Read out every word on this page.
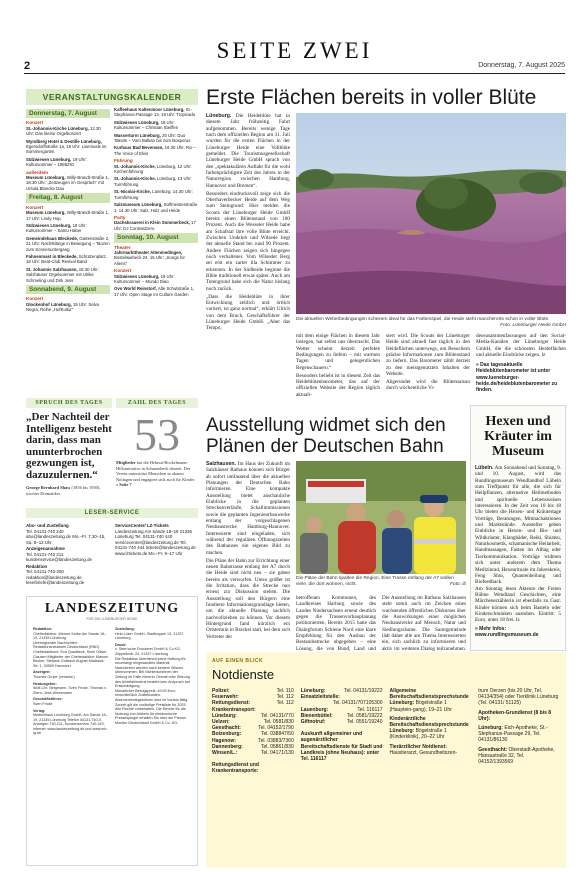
SEITE ZWEI
2	Donnerstag, 7. August 2025
VERANSTALTUNGSKALENDER
Donnerstag, 7. August
Konzert
St.-Johannis-Kirche Lüneburg, 12.30 Uhr: Das kleine Orgelkonzert
Wyndberg Hotel & Destille Lüneburg, Egersdorffstraße 1a, 18 Uhr: Livemusik im Sommergarten
Sülzwiesen Lüneburg, 19 Uhr: Kultursommer – 1986ZIG
außerdem
Museum Lüneburg, Willy-Brandt-Straße 1, 18.30 Uhr: „Zeitzeugen im Gespräch“ mit Ursula Blancke Dau
Freitag, 8. August
Konzert
Museum Lüneburg, Willy-Brandt-Straße 1, 17 Uhr: Lindy Hop
Sülzwiesen Lüneburg, 19 Uhr: Kultursommer – Samu Haber
Gemeindehaus Bleckede, Gartenstraße 2, 21 Uhr: Nachtklänge in Bewegung – Tanzen zum Sonnenuntergang
Fahnenmast in Bleckede, Schützenplatz, 18 Uhr: Beat-Club Revival Band
St. Johannis Salzhausen, 18.30 Uhr: Salzhäuser Orgelsommer mit Ulrike Schmeling und Dirk Jess
Sonnabend, 9. August
Konzert
Glockenhof Lüneburg, 15 Uhr: Selva Negra, Reihe „HofKultur“
Kaffeehaus Kaltenmoor Lüneburg, St.-Stephanus-Passage 13, 19 Uhr: Tropicado
Sülzwiesen Lüneburg, 19 Uhr: Kultursommer – Christian Steiffen
Wasserturm Lüneburg, 20 Uhr: Duo Taksim – Vom Balkan bis zum Bosporus
Kurhaus Bad Bevensen, 19.30 Uhr: Rio – The Voice of Elvis
Führung
St.-Johannis-Kirche, Lüneburg, 12 Uhr: Kirchenführung
St.-Johannis-Kirche, Lüneburg, 13 Uhr: Turmführung
St.-Nicolai-Kirche, Lüneburg, 14.30 Uhr: Turmführung
Salzmuseum Lüneburg, Sülfmeisterstraße 1, 14.30 Uhr: Salz, Holz und Heide
Party
Dachsbrauerei in Klein Sommerbeck, 17 Uhr: DJ Contrastzero
Sonntag, 10. August
Theater
Jahrmarkttheater Altenmedingen, Bostelwiebeck 24, 15 Uhr: „Songs for Aliens“
Konzert
Sülzwiesen Lüneburg, 19 Uhr: Kultursommer – Mundo Diao
Ovo World Reinstorf, Alte Schulstraße 1, 17 Uhr: Open Stage im Culture Garden
SPRUCH DES TAGES
„Der Nachteil der Intelligenz besteht darin, dass man ununterbrochen gezwungen ist, dazuzulernen.“
George Bernhard Shaw (1856 bis 1950), irischer Dramatiker
ZAHL DES TAGES
53
Mitglieder hat die Helmut-Bockelmann-Hilfsinitiative in Scharnebeck derzeit. Der Verein unterstützt Menschen in akuten Notlagen und engagiert sich auch für Kinder. » Seite 7
LESER-SERVICE
Abo- und Zustellung
Tel. 04131-740 240 abo@landeszeitung.de Mo.–Fr. 7.30–15, Sa. 8–12 Uhr
Anzeigenannahme
Tel. 04131-740 211 kundenservice@landeszeitung.de
Redaktion
Tel. 04131-740-250 redaktion@landeszeitung.de leserbriefe@landeszeitung.de
ServiceCenter/ LZ-Tickets
Landeszeitung Am Sande 18–19 21335 Lüneburg Tel. 04131-740 440 servicecenter@landeszeitung.de Tel. 04131-740 444 tickets@landeszeitung.de www.lztickets.de Mo.–Fr. 9–17 Uhr
LANDESZEITUNG
FÜR DIE LÜNEBURGER HEIDE
Redaktion:
Chefredakteur: Werner Kolbe Am Sande 18–19, 21335 Lüneburg
Überregionale Nachrichten: Redaktionsnetzwerk Deutschland (RND) Chefredakteure: Eva Quadbeck, Sven Olliver Clausen Mitglieder der Chefredaktion: Manuel Becker, Stefanie Gollasch August-Madsack-Str. 1, 30559 Hannover
Anzeigen:
Thomas Grupe (verantw.)
Herausgeber:
Wolf-Chr. Bergmann, Sven Fricke, Thomas v. Stern, Jens Wiesemann
Geschäftsführer:
Sven Fricke
Verlag:
Medienhaus Lüneburg GmbH, Am Sande 18–19, 21335 Lüneburg Telefon 04131-740-0, Anzeigen 740-211, Kundenservice 740-240, Internet: www.landeszeitung.de und www.mh-lg.de
Zustellung:
Heid Lüzer GmbH, Stadtkoppel 13, 21337 Lüneburg
Druck:
v. Stern'sche Druckerei GmbH & Co KG, Zeppelinstr. 24, 21337 Lüneburg
Die Redaktion übernimmt keine Haftung für unverlangt eingesandtes Material. Nachrichten werden nach bestem Wissen übernommen. Bei Nichterscheinen der Zeitung im Falle höherer Gewalt oder Störung des Arbeitsfriedens besteht kein Anspruch auf Entschädigung.
Monatlicher Bezugspreis: 49,90 Euro einschließlich Zustellkosten. Abonnementsgebühren sind im Voraus fällig.
Zurzeit gilt die vorläufige Preisliste für 2025.
Alle Rechte vorbehalten. Die Rechte für die Nutzung von Artikeln für elektronische Pressespiegel erhalten Sie über die Presse-Monitor Deutschland GmbH & Co. KG.
Erste Flächen bereits in voller Blüte

Lüneburg. Die Heideblüte hat in diesem Jahr frühzeitig Fahrt aufgenommen. Bereits wenige Tage nach dem offiziellen Beginn am 31. Juli wurden für die ersten Flächen in der Lüneburger Heide eine Vollblüte gemeldet. Die Tourismusgesellschaft Lüneburger Heide GmbH sprach von den „spektakulären Auftakt für die wohl farbenprächtigste Zeit des Jahres in der Naturregion zwischen Hamburg, Hannover und Bremen“.

Besonders eindrucksvoll zeige sich die Oberhaverbecker Heide auf dem Weg zum Steingrund: Hier melden die Scouts der Lüneburger Heide GmbH bereits einen Blütenstand von 100 Prozent. Auch die Wesseler Heide habe am Schafstal ihre volle Blüte erreicht. Zwischen Undeloh und Wilsede liegt der aktuelle Stand bei rund 90 Prozent. Andere Flächen zeigen sich hingegen noch verhaltener. Vom Wilseder Berg sei erst ein zarter lila Schimmer zu erkennen. In der Südheide beginne die Blüte traditionell etwas später. Auch am Totengrund habe sich die Natur bislang noch zurück.

„Dass die Heideblüte in ihrer Entwicklung zeitlich und örtlich variiert, ist ganz normal“, erklärt Ulrich von dem Bruch, Geschäftsführer der Lüneburger Heide GmbH. „Aber das Tempo,

Die aktuellen Wetterbedingungen scheinen ideal für das Farbenspiel, die Heide steht mancherorts schon in voller Blüte.
Foto: Lüneburger Heide GmbH

mit dem einige Flächen in diesem Jahr loslegen, hat selbst uns überrascht. Das Wetter scheint derzeit perfekte Bedingungen zu liefern – mit warmen Tagen und gelegentlichen Regenschauern.“

Besonders beliebt ist in diesem Zeit das Heideblütenbarometer, das auf der offiziellen Website der Region täglich aktuali-

siert wird. Die Scouts der Lüneburger Heide sind aktuell fast täglich in den Heideflächen unterwegs, um Besuchern präzise Informationen zum Blütenstand zu liefern. Das Barometer zählt derzeit zu den meistgenutzten Inhalten der Website.

Abgerundet wird die Blütensaison durch wöchentliche Vi-

deosusammenfassungen auf den Social-Media-Kanälen der Lüneburger Heide GmbH, die die schönsten Heideflächen und aktuelle Eindrücke zeigen. lz

» Das tagesaktuelle Heideblütenbarometer ist unter www.lueneburger-heide.de/heideblutenbarometer zu finden.
Ausstellung widmet sich den Plänen der Deutschen Bahn

Salzhausen. Im Haus der Zukunft im Salzhäuser Rathaus können sich Bürger ab sofort umfassend über die aktuellen Planungen der Deutschen Bahn informieren. Eine kompakte Ausstellung bietet anschauliche Einblicke in die geplanten Streckenverläufe, Schallimmissionen sowie die geplanten Ingenieurbauwerke entlang der vorgeschlagenen Neubaustrecke Hamburg-Hannover. Interessierte sind eingeladen, sich während der regulären Öffnungszeiten des Rathauses ein eigenes Bild zu machen.

Die Pläne der Bahn zur Errichtung einer neuen Bahntrasse entlang der A7 durch die Heide sind nicht neu – sie gaben bereits als verworfen. Umso größer ist die Irritation, dass die Strecke nun erneut zur Diskussion stehen. Die Ausstellung soll den Bürgern eine fundierte Informationsgrundlage bieten, um die aktuelle Planung sachlich nachvollziehen zu können. Vor diesem Hintergrund fand kürzlich ein Ortstermin in Brackel statt, bei dem sich Vertreter der

Die Pläne der Bahn spalten die Region. Eine Trasse entlang der A7 wollen viele, die dort wohnen, nicht.	Foto: ib

betroffenen Kommunen, des Landkreises Harburg sowie des Landes Niedersachsen erneut deutlich gegen die Trassenvorbauplanung positionierten. Bereits 2015 hatte das Dialogforum Schiene Nord eine klare Empfehlung für den Ausbau der Bestandsstrecke abgegeben – eine Lösung, die von Bund, Land und

Die Ausstellung im Rathaus Salzhausen steht somit auch im Zeichen eines wachsenden öffentlichen Diskurses über die Auswirkungen einer möglichen Neubaustrecke auf Mensch, Natur und Siedlungsräume. Die Samtgemeinde lädt daher alle am Thema Interessierten ein, sich sachlich zu informieren und aktiv im weiteren Dialog teilzunehmen.

Hexen und Kräuter im Museum

Lübeln. Am Sonnabend und Sonntag, 9. und 10. August, wird das Rundlingsmuseum Wendlandhof Lübeln zum Treffpunkt für alle, die sich für Heilpflanzen, alternative Heilmethoden und spirituelle Lebensweisen interessieren. In der Zeit von 10 bis 18 Uhr bieten die Hexen- und Kräutertage Vorträge, Beratungen, Mitmachaktionen und Marktstände. Aussteller geben Einblicke in Hexen- und Bio- und Wildkräuter, Klangbäder, Reiki, Shiatsu, Naturkosmetik, schamanische Heilarbeit, Handmassagen, Fasten im Alltag oder Tierkommunikation. Vorträge widmen sich unter anderem dem Thema Medizinrad, Hexenrituale im Jahreskreis, Feng Shui, Quantenheilung und Biofeedback.

Am Sonntag lesen Akteure der Freien Bühne Wendland Geschichten, eine Märchenerzählerin ist ebenfalls zu Gast. Kinder können sich beim Basteln oder Kinderschminken austoben. Eintritt: 5 Euro, unter 18 frei. lz

» Mehr Infos: www.rundlingsmuseum.de
AUF EINEN BLICK
Notdienste
Polizei:	Tel. 110
Feuerwehr:	Tel. 112
Rettungsdienst:	Tel. 112
Krankentransport:
Lüneburg:	Tel. 04131/770
Uelzen:	Tel. 0581/830
Geesthacht:	Tel. 04152/1790
Boizenburg:	Tel. 038847/50
Hagenow:	Tel. 03883/7360
Dannenberg:	Tel. 05861/830
Winsen/L.:	Tel. 04171/130

Rettungsdienst und Krankentransporte:

Lüneburg:	Tel. 04131/19222
Einsatzleitstelle:
Tel. 04131/707105300
Lauenburg:	Tel. 116117
Bienenbüttel:	Tel. 0581/19222
Giftnotruf:	Tel. 0551/19240

Auskunft allgemeiner und augenärztlicher Bereitschaftsdienste für Stadt und Landkreis (ohne Neuhaus): unter Tel. 116117

Allgemeine Bereitschaftsdienstsprechstunde Lüneburg: Bögelstraße 1 (Hauptein-gang), 19–21 Uhr

Kinderärztliche Bereitschaftsdienstsprechstunde Lüneburg: Bögelstraße 1 (Kinderklinik), 20–22 Uhr

Tierärztlicher Notdienst: Haustierarzt, Gesundheitszen-

trum Oerzen (bis 20 Uhr, Tel. 04134/354) oder Tierklinik Lüneburg (Tel. 04131/ 51125)

Apotheken-Grundienst (8 bis 8 Uhr):

Lüneburg: Eich-Apotheke, St.-Stephanus-Passage 29, Tel. 04131/86130

Geesthacht: Oberstadt-Apotheke, Hansastraße 32, Tel. 04152/1393569
